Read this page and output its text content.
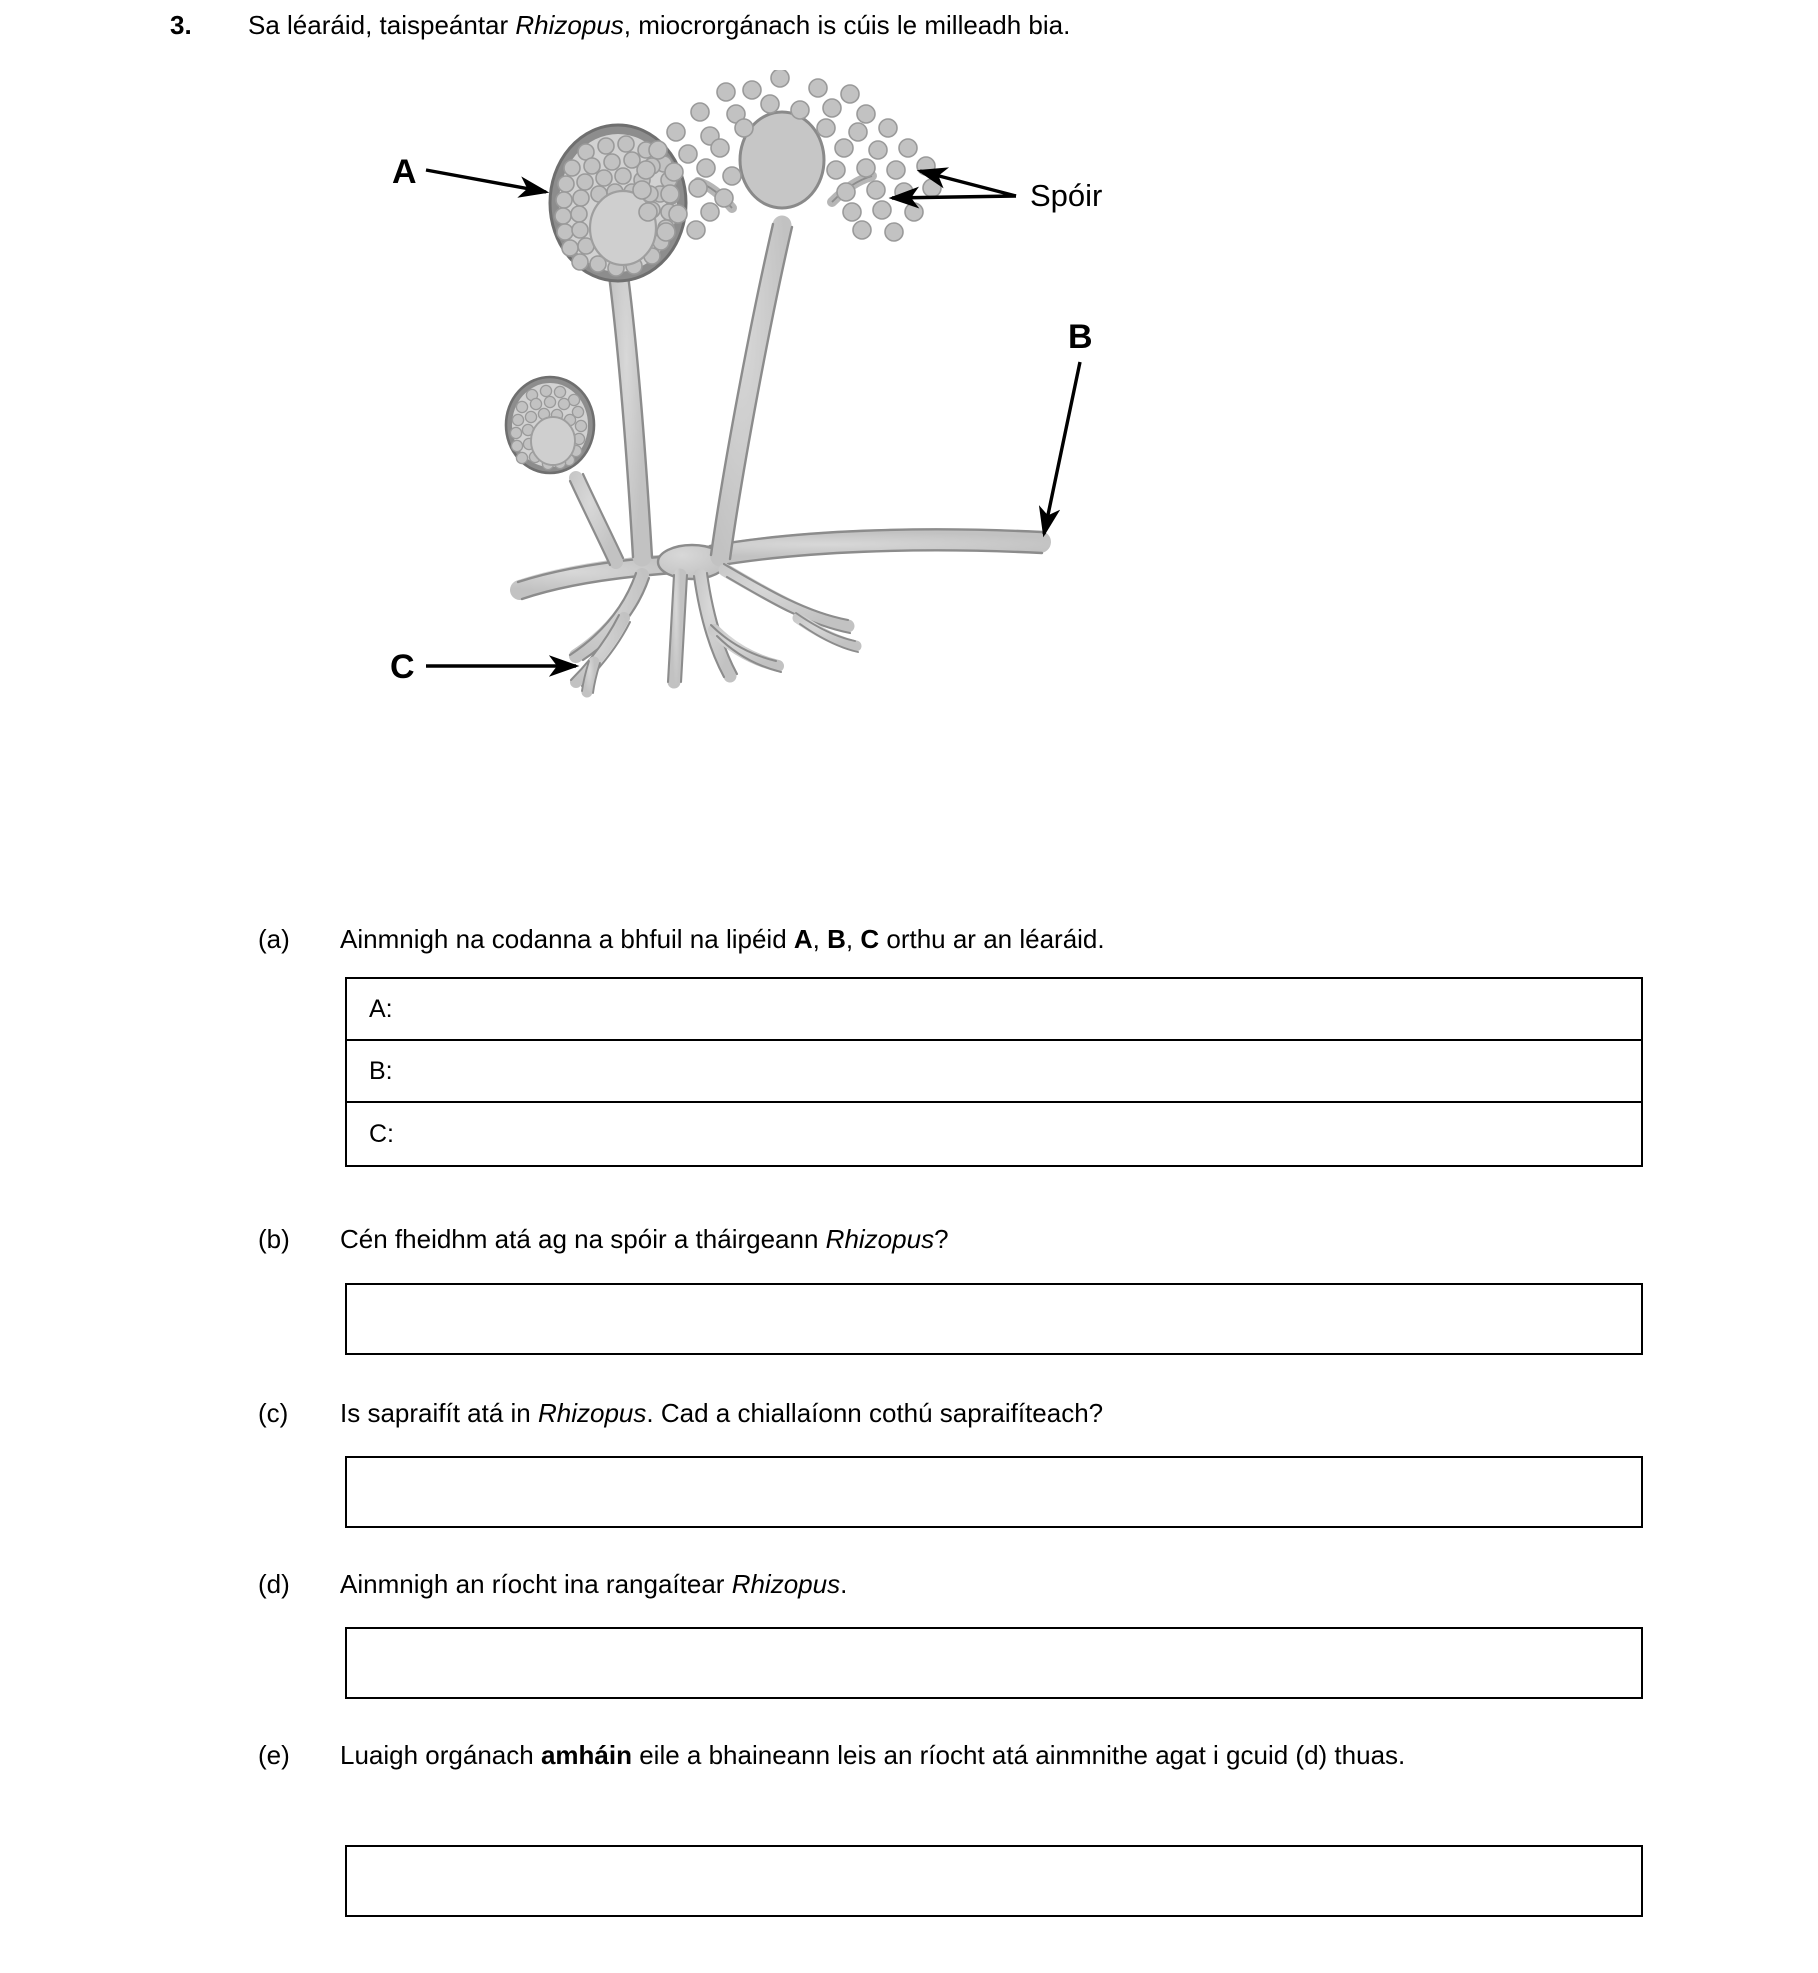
3.	Sa léaráid, taispeántar Rhizopus, miocrorgánach is cúis le milleadh bia.
A
Spóir
B
C
(a)	Ainmnigh na codanna a bhfuil na lipéid A, B, C orthu ar an léaráid.
A:
B:
C:
(b)	Cén fheidhm atá ag na spóir a tháirgeann Rhizopus?
(c)	Is sapraifít atá in Rhizopus. Cad a chiallaíonn cothú sapraifíteach?
(d)	Ainmnigh an ríocht ina rangaítear Rhizopus.
(e)	Luaigh orgánach amháin eile a bhaineann leis an ríocht atá ainmnithe agat i gcuid (d) thuas.
